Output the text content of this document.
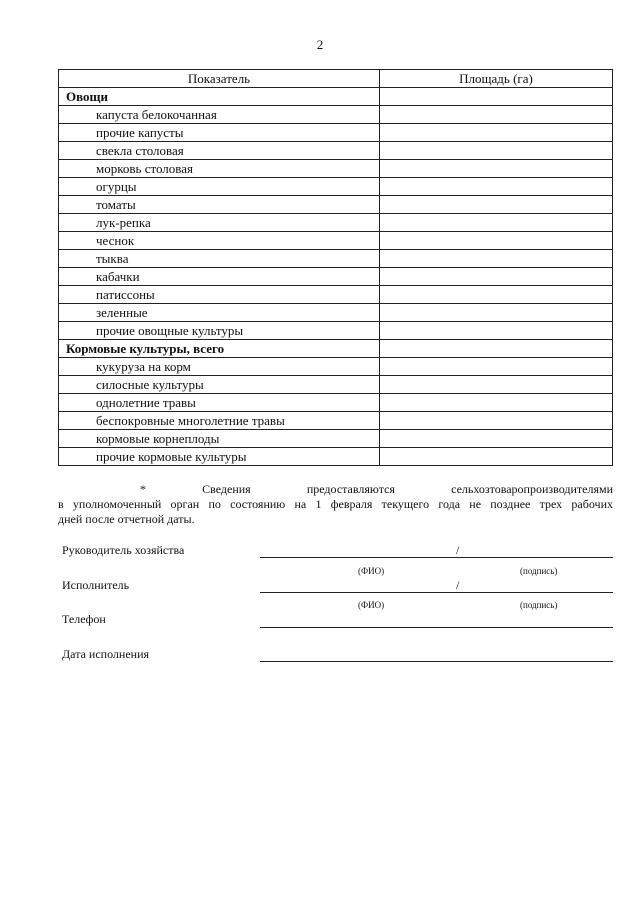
2
Показатель	Площадь (га)
Овощи	
капуста белокочанная	
прочие капусты	
свекла столовая	
морковь столовая	
огурцы	
томаты	
лук-репка	
чеснок	
тыква	
кабачки	
патиссоны	
зеленные	
прочие овощные культуры	
Кормовые культуры, всего	
кукуруза на корм	
силосные культуры	
однолетние травы	
беспокровные многолетние травы	
кормовые корнеплоды	
прочие кормовые культуры	
*	Сведения	предоставляются	сельхозтоваропроизводителями
в уполномоченный орган по состоянию на 1 февраля текущего года не позднее трех рабочих
дней после отчетной даты.
Руководитель хозяйства	/
(ФИО)	(подпись)
Исполнитель	/
(ФИО)	(подпись)
Телефон
Дата исполнения
